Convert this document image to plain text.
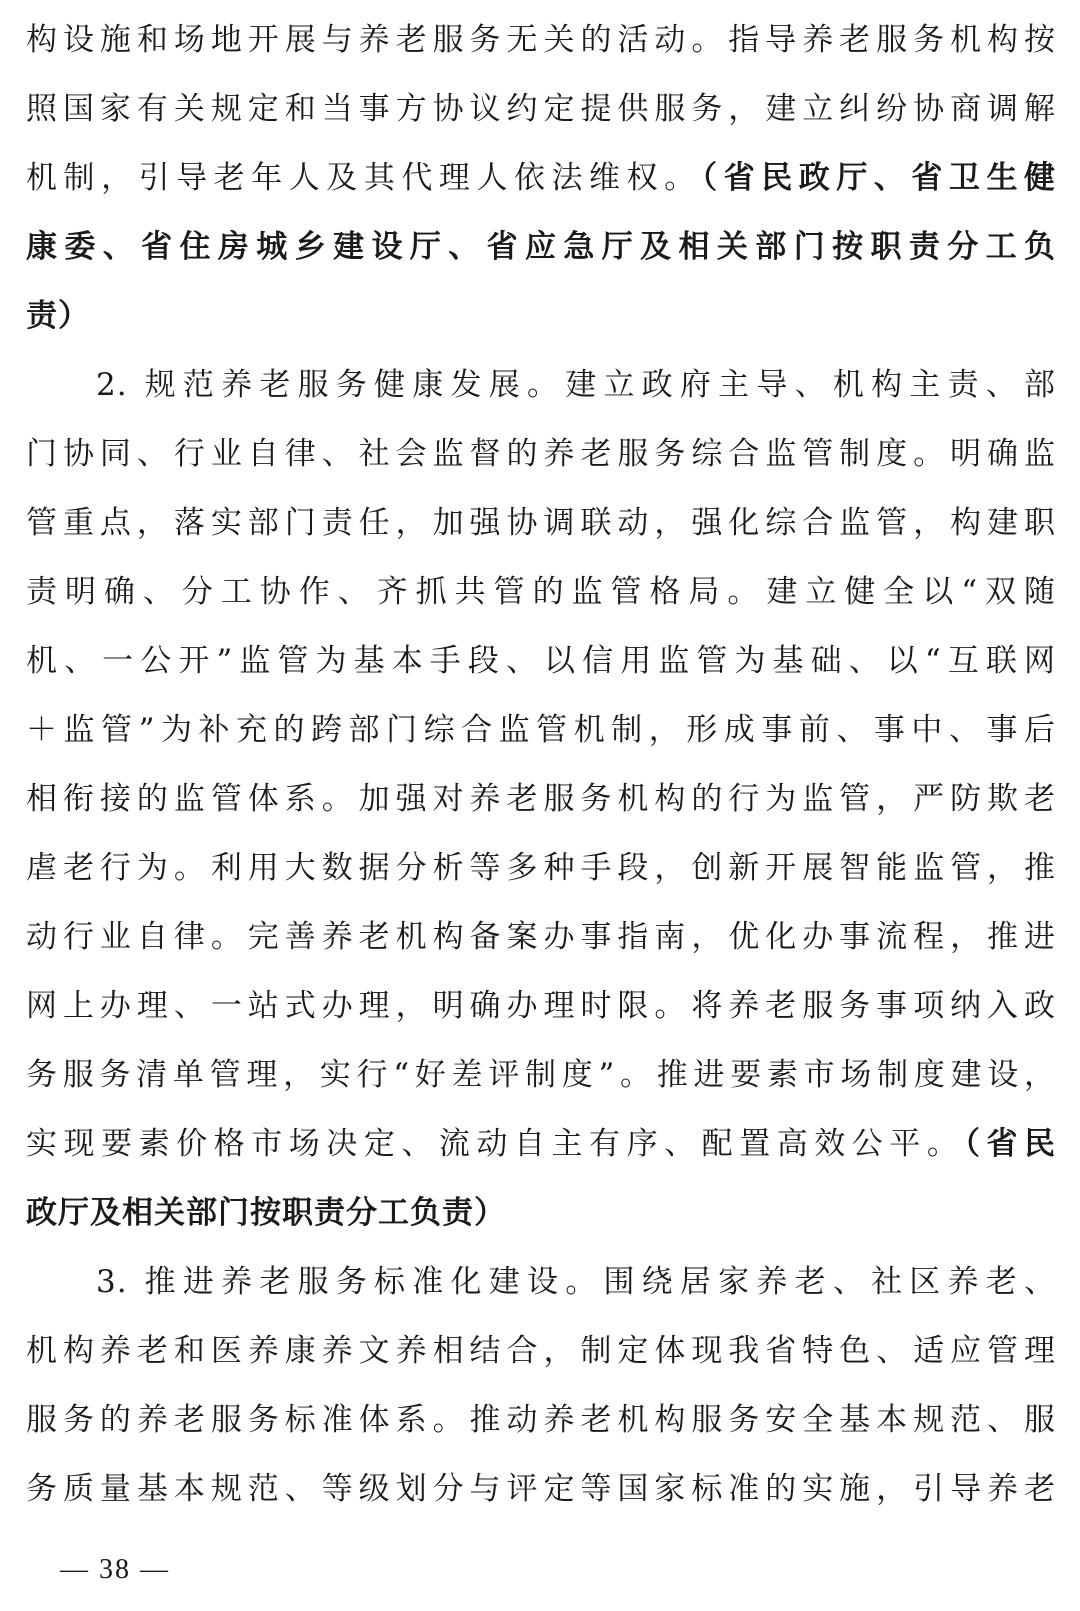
构设施和场地开展与养老服务无关的活动。指导养老服务机构按
照国家有关规定和当事方协议约定提供服务，建立纠纷协商调解
机制，引导老年人及其代理人依法维权。（省民政厅、省卫生健
康委、省住房城乡建设厅、省应急厅及相关部门按职责分工负
责）
2. 规范养老服务健康发展。建立政府主导、机构主责、部
门协同、行业自律、社会监督的养老服务综合监管制度。明确监
管重点，落实部门责任，加强协调联动，强化综合监管，构建职
责明确、分工协作、齐抓共管的监管格局。建立健全以“双随
机、一公开”监管为基本手段、以信用监管为基础、以“互联网
＋监管”为补充的跨部门综合监管机制，形成事前、事中、事后
相衔接的监管体系。加强对养老服务机构的行为监管，严防欺老
虐老行为。利用大数据分析等多种手段，创新开展智能监管，推
动行业自律。完善养老机构备案办事指南，优化办事流程，推进
网上办理、一站式办理，明确办理时限。将养老服务事项纳入政
务服务清单管理，实行“好差评制度”。推进要素市场制度建设，
实现要素价格市场决定、流动自主有序、配置高效公平。（省民
政厅及相关部门按职责分工负责）
3. 推进养老服务标准化建设。围绕居家养老、社区养老、
机构养老和医养康养文养相结合，制定体现我省特色、适应管理
服务的养老服务标准体系。推动养老机构服务安全基本规范、服
务质量基本规范、等级划分与评定等国家标准的实施，引导养老
— 38 —
